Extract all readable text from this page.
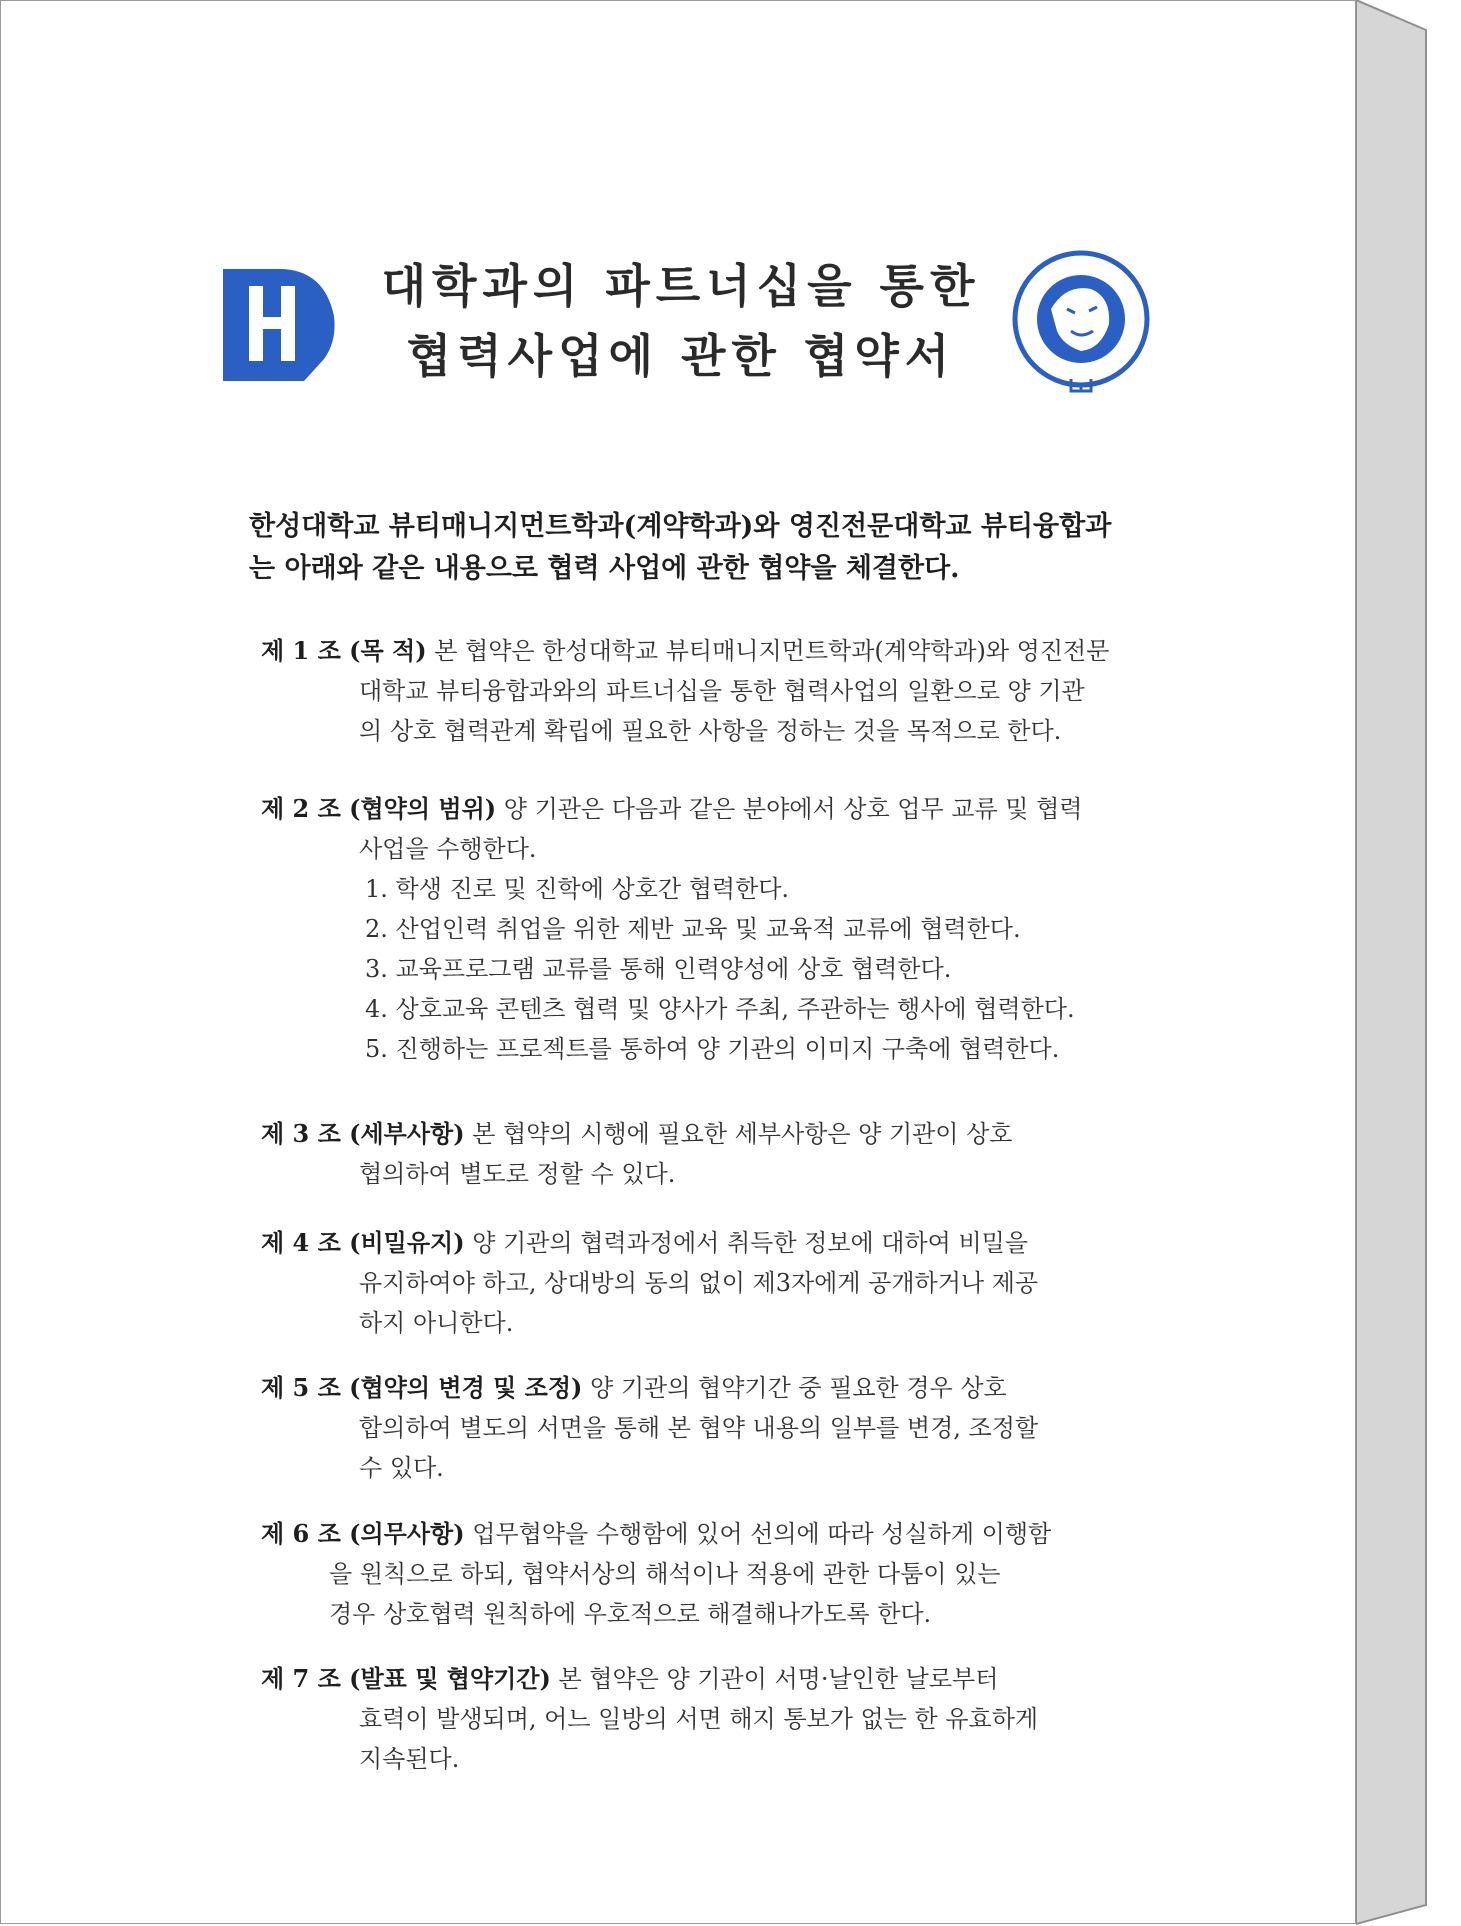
대학과의 파트너십을 통한
협력사업에 관한 협약서
한성대학교 뷰티매니지먼트학과(계약학과)와 영진전문대학교 뷰티융합과
는 아래와 같은 내용으로 협력 사업에 관한 협약을 체결한다.
제 1 조 (목 적) 본 협약은 한성대학교 뷰티매니지먼트학과(계약학과)와 영진전문
대학교 뷰티융합과와의 파트너십을 통한 협력사업의 일환으로 양 기관
의 상호 협력관계 확립에 필요한 사항을 정하는 것을 목적으로 한다.
제 2 조 (협약의 범위) 양 기관은 다음과 같은 분야에서 상호 업무 교류 및 협력
사업을 수행한다.
1. 학생 진로 및 진학에 상호간 협력한다.
2. 산업인력 취업을 위한 제반 교육 및 교육적 교류에 협력한다.
3. 교육프로그램 교류를 통해 인력양성에 상호 협력한다.
4. 상호교육 콘텐츠 협력 및 양사가 주최, 주관하는 행사에 협력한다.
5. 진행하는 프로젝트를 통하여 양 기관의 이미지 구축에 협력한다.
제 3 조 (세부사항) 본 협약의 시행에 필요한 세부사항은 양 기관이 상호
협의하여 별도로 정할 수 있다.
제 4 조 (비밀유지) 양 기관의 협력과정에서 취득한 정보에 대하여 비밀을
유지하여야 하고, 상대방의 동의 없이 제3자에게 공개하거나 제공
하지 아니한다.
제 5 조 (협약의 변경 및 조정) 양 기관의 협약기간 중 필요한 경우 상호
합의하여 별도의 서면을 통해 본 협약 내용의 일부를 변경, 조정할
수 있다.
제 6 조 (의무사항) 업무협약을 수행함에 있어 선의에 따라 성실하게 이행함
을 원칙으로 하되, 협약서상의 해석이나 적용에 관한 다툼이 있는
경우 상호협력 원칙하에 우호적으로 해결해나가도록 한다.
제 7 조 (발표 및 협약기간) 본 협약은 양 기관이 서명·날인한 날로부터
효력이 발생되며, 어느 일방의 서면 해지 통보가 없는 한 유효하게
지속된다.
